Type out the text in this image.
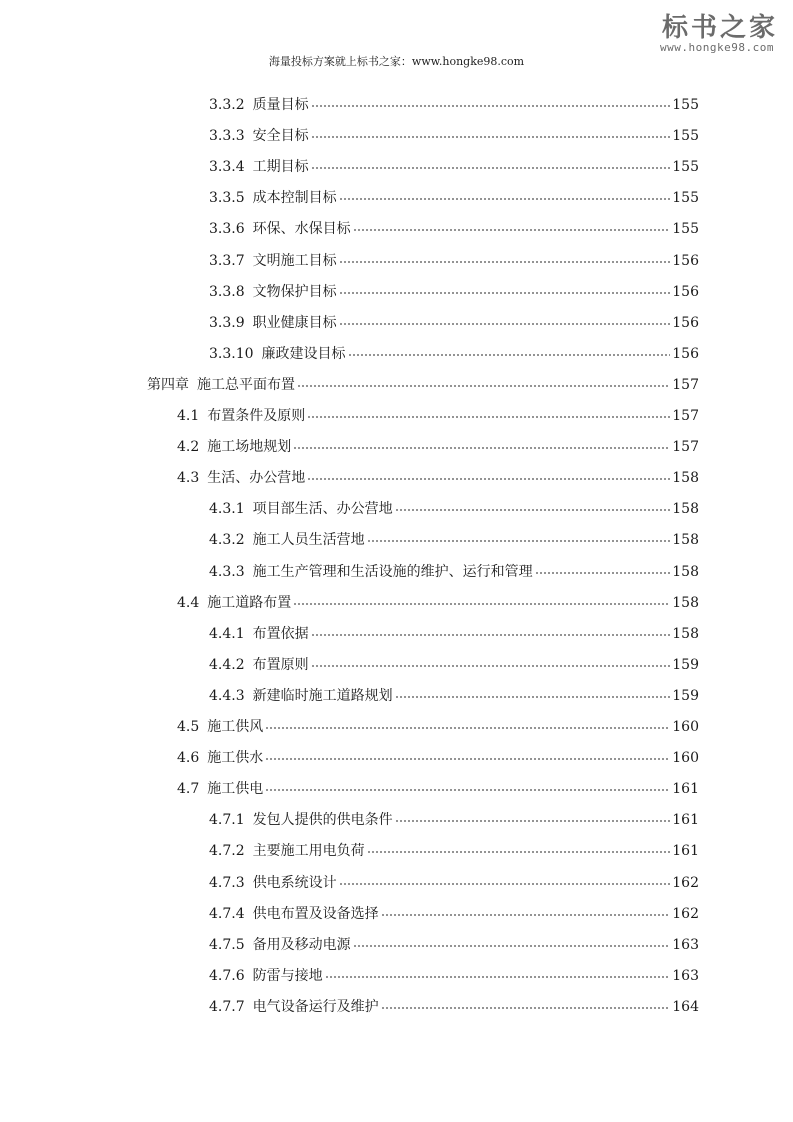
标书之家
www.hongke98.com
海量投标方案就上标书之家：www.hongke98.com
3.3.2 质量目标	155
3.3.3 安全目标	155
3.3.4 工期目标	155
3.3.5 成本控制目标	155
3.3.6 环保、水保目标	155
3.3.7 文明施工目标	156
3.3.8 文物保护目标	156
3.3.9 职业健康目标	156
3.3.10 廉政建设目标	156
第四章 施工总平面布置	157
4.1 布置条件及原则	157
4.2 施工场地规划	157
4.3 生活、办公营地	158
4.3.1 项目部生活、办公营地	158
4.3.2 施工人员生活营地	158
4.3.3 施工生产管理和生活设施的维护、运行和管理	158
4.4 施工道路布置	158
4.4.1 布置依据	158
4.4.2 布置原则	159
4.4.3 新建临时施工道路规划	159
4.5 施工供风	160
4.6 施工供水	160
4.7 施工供电	161
4.7.1 发包人提供的供电条件	161
4.7.2 主要施工用电负荷	161
4.7.3 供电系统设计	162
4.7.4 供电布置及设备选择	162
4.7.5 备用及移动电源	163
4.7.6 防雷与接地	163
4.7.7 电气设备运行及维护	164
